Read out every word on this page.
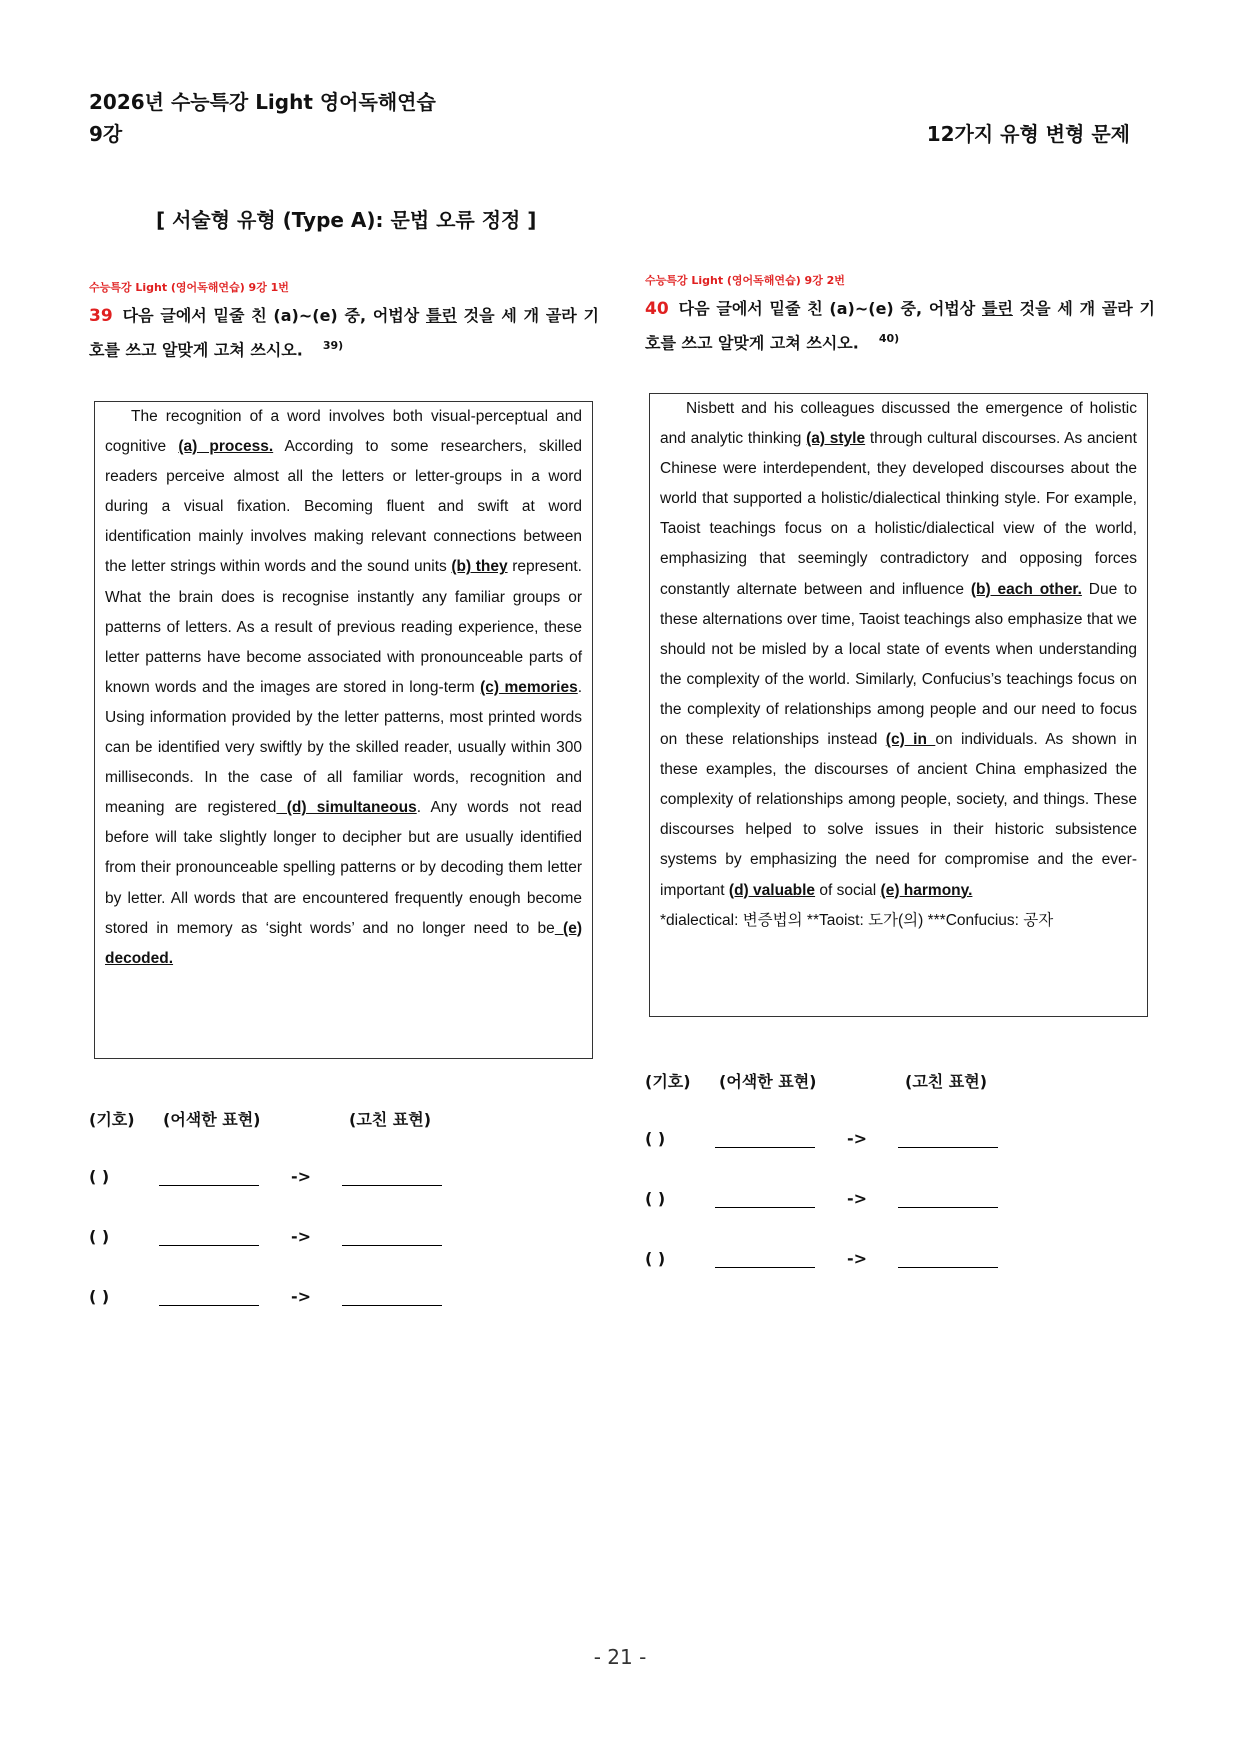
2026년 수능특강 Light 영어독해연습
9강	12가지 유형 변형 문제
[ 서술형 유형 (Type A): 문법 오류 정정 ]
수능특강 Light (영어독해연습) 9강 1번
39 다음 글에서 밑줄 친 (a)~(e) 중, 어법상 틀린 것을 세 개 골라 기호를 쓰고 알맞게 고쳐 쓰시오. $^{39)}$

The recognition of a word involves both visual-perceptual and cognitive (a) process. According to some researchers, skilled readers perceive almost all the letters or letter-groups in a word during a visual fixation. Becoming fluent and swift at word identification mainly involves making relevant connections between the letter strings within words and the sound units (b) they represent. What the brain does is recognise instantly any familiar groups or patterns of letters. As a result of previous reading experience, these letter patterns have become associated with pronounceable parts of known words and the images are stored in long-term (c) memories. Using information provided by the letter patterns, most printed words can be identified very swiftly by the skilled reader, usually within 300 milliseconds. In the case of all familiar words, recognition and meaning are registered (d) simultaneous. Any words not read before will take slightly longer to decipher but are usually identified from their pronounceable spelling patterns or by decoding them letter by letter. All words that are encountered frequently enough become stored in memory as ‘sight words’ and no longer need to be (e) decoded.

(기호) (어색한 표현)	(고친 표현)
( )	->
( )	->
( )	->
수능특강 Light (영어독해연습) 9강 2번
40 다음 글에서 밑줄 친 (a)~(e) 중, 어법상 틀린 것을 세 개 골라 기호를 쓰고 알맞게 고쳐 쓰시오. $^{40)}$

Nisbett and his colleagues discussed the emergence of holistic and analytic thinking (a) style through cultural discourses. As ancient Chinese were interdependent, they developed discourses about the world that supported a holistic/dialectical thinking style. For example, Taoist teachings focus on a holistic/dialectical view of the world, emphasizing that seemingly contradictory and opposing forces constantly alternate between and influence (b) each other. Due to these alternations over time, Taoist teachings also emphasize that we should not be misled by a local state of events when understanding the complexity of the world. Similarly, Confucius’s teachings focus on the complexity of relationships among people and our need to focus on these relationships instead (c) in on individuals. As shown in these examples, the discourses of ancient China emphasized the complexity of relationships among people, society, and things. These discourses helped to solve issues in their historic subsistence systems by emphasizing the need for compromise and the ever-important (d) valuable of social (e) harmony.

*dialectical: 변증법의 **Taoist: 도가(의) ***Confucius: 공자
(기호) (어색한 표현)	(고친 표현)
( )	->
( )	->
( )	->
- 21 -
